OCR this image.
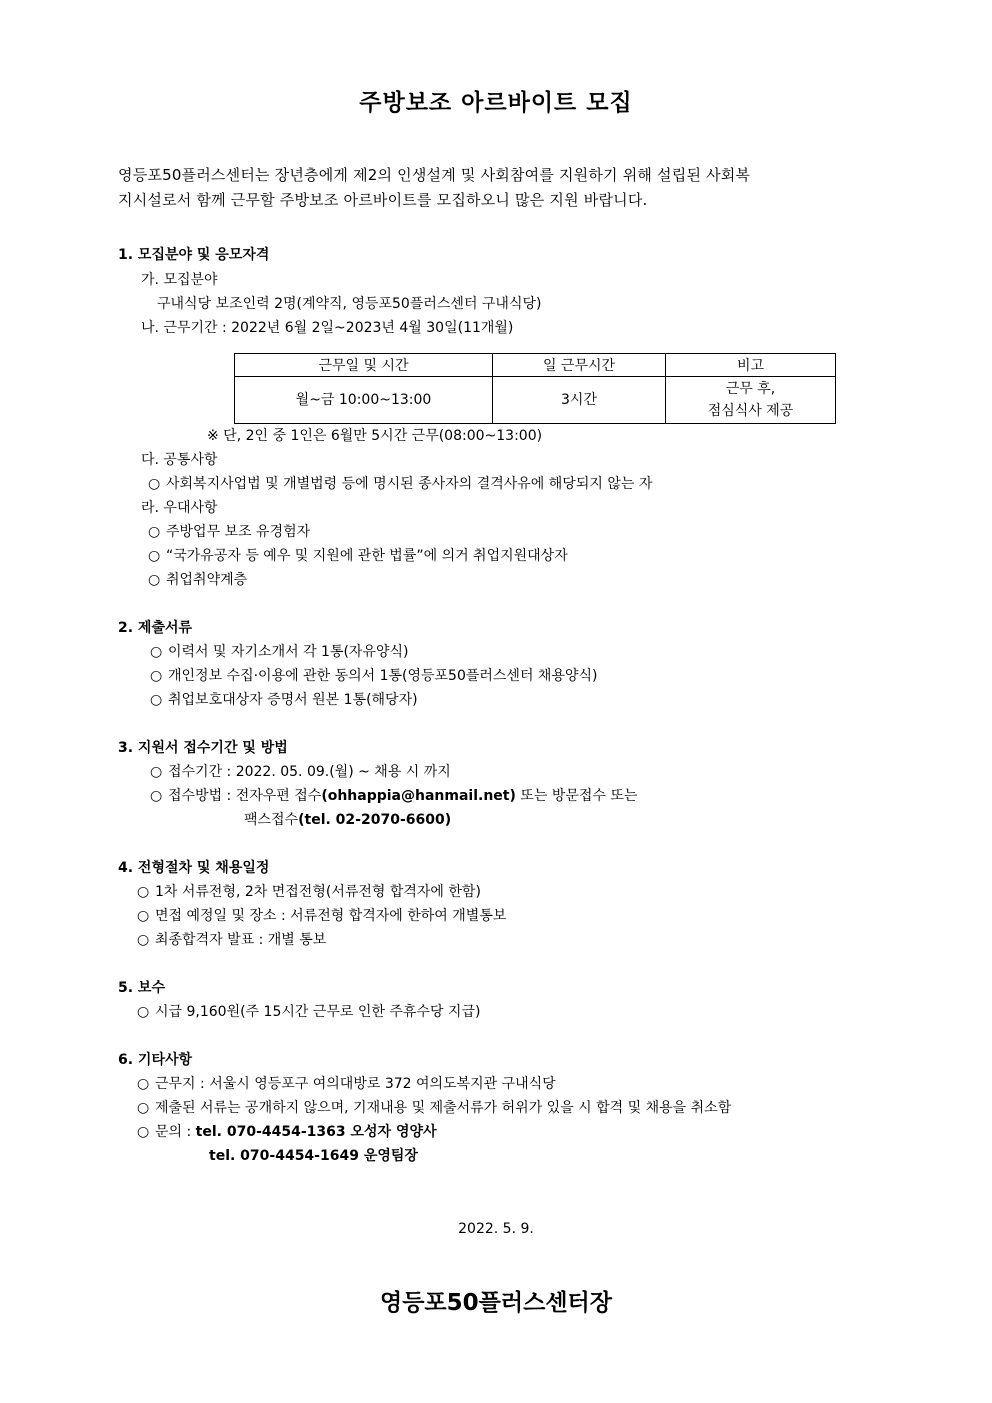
주방보조 아르바이트 모집
영등포50플러스센터는 장년층에게 제2의 인생설계 및 사회참여를 지원하기 위해 설립된 사회복
지시설로서 함께 근무할 주방보조 아르바이트를 모집하오니 많은 지원 바랍니다.
1. 모집분야 및 응모자격
가. 모집분야
구내식당 보조인력 2명(계약직, 영등포50플러스센터 구내식당)
나. 근무기간 : 2022년 6월 2일~2023년 4월 30일(11개월)
근무일 및 시간	일 근무시간	비고
월~금 10:00~13:00	3시간	근무 후,
점심식사 제공
※ 단, 2인 중 1인은 6월만 5시간 근무(08:00~13:00)
다. 공통사항
○ 사회복지사업법 및 개별법령 등에 명시된 종사자의 결격사유에 해당되지 않는 자
라. 우대사항
○ 주방업무 보조 유경험자
○ “국가유공자 등 예우 및 지원에 관한 법률”에 의거 취업지원대상자
○ 취업취약계층
2. 제출서류
○ 이력서 및 자기소개서 각 1통(자유양식)
○ 개인정보 수집·이용에 관한 동의서 1통(영등포50플러스센터 채용양식)
○ 취업보호대상자 증명서 원본 1통(해당자)
3. 지원서 접수기간 및 방법
○ 접수기간 : 2022. 05. 09.(월) ~ 채용 시 까지
○ 접수방법 : 전자우편 접수(ohhappia@hanmail.net) 또는 방문접수 또는
팩스접수(tel. 02-2070-6600)
4. 전형절차 및 채용일정
○ 1차 서류전형, 2차 면접전형(서류전형 합격자에 한함)
○ 면접 예정일 및 장소 : 서류전형 합격자에 한하여 개별통보
○ 최종합격자 발표 : 개별 통보
5. 보수
○ 시급 9,160원(주 15시간 근무로 인한 주휴수당 지급)
6. 기타사항
○ 근무지 : 서울시 영등포구 여의대방로 372 여의도복지관 구내식당
○ 제출된 서류는 공개하지 않으며, 기재내용 및 제출서류가 허위가 있을 시 합격 및 채용을 취소함
○ 문의 : tel. 070-4454-1363 오성자 영양사
tel. 070-4454-1649 운영팀장
2022. 5. 9.
영등포50플러스센터장
